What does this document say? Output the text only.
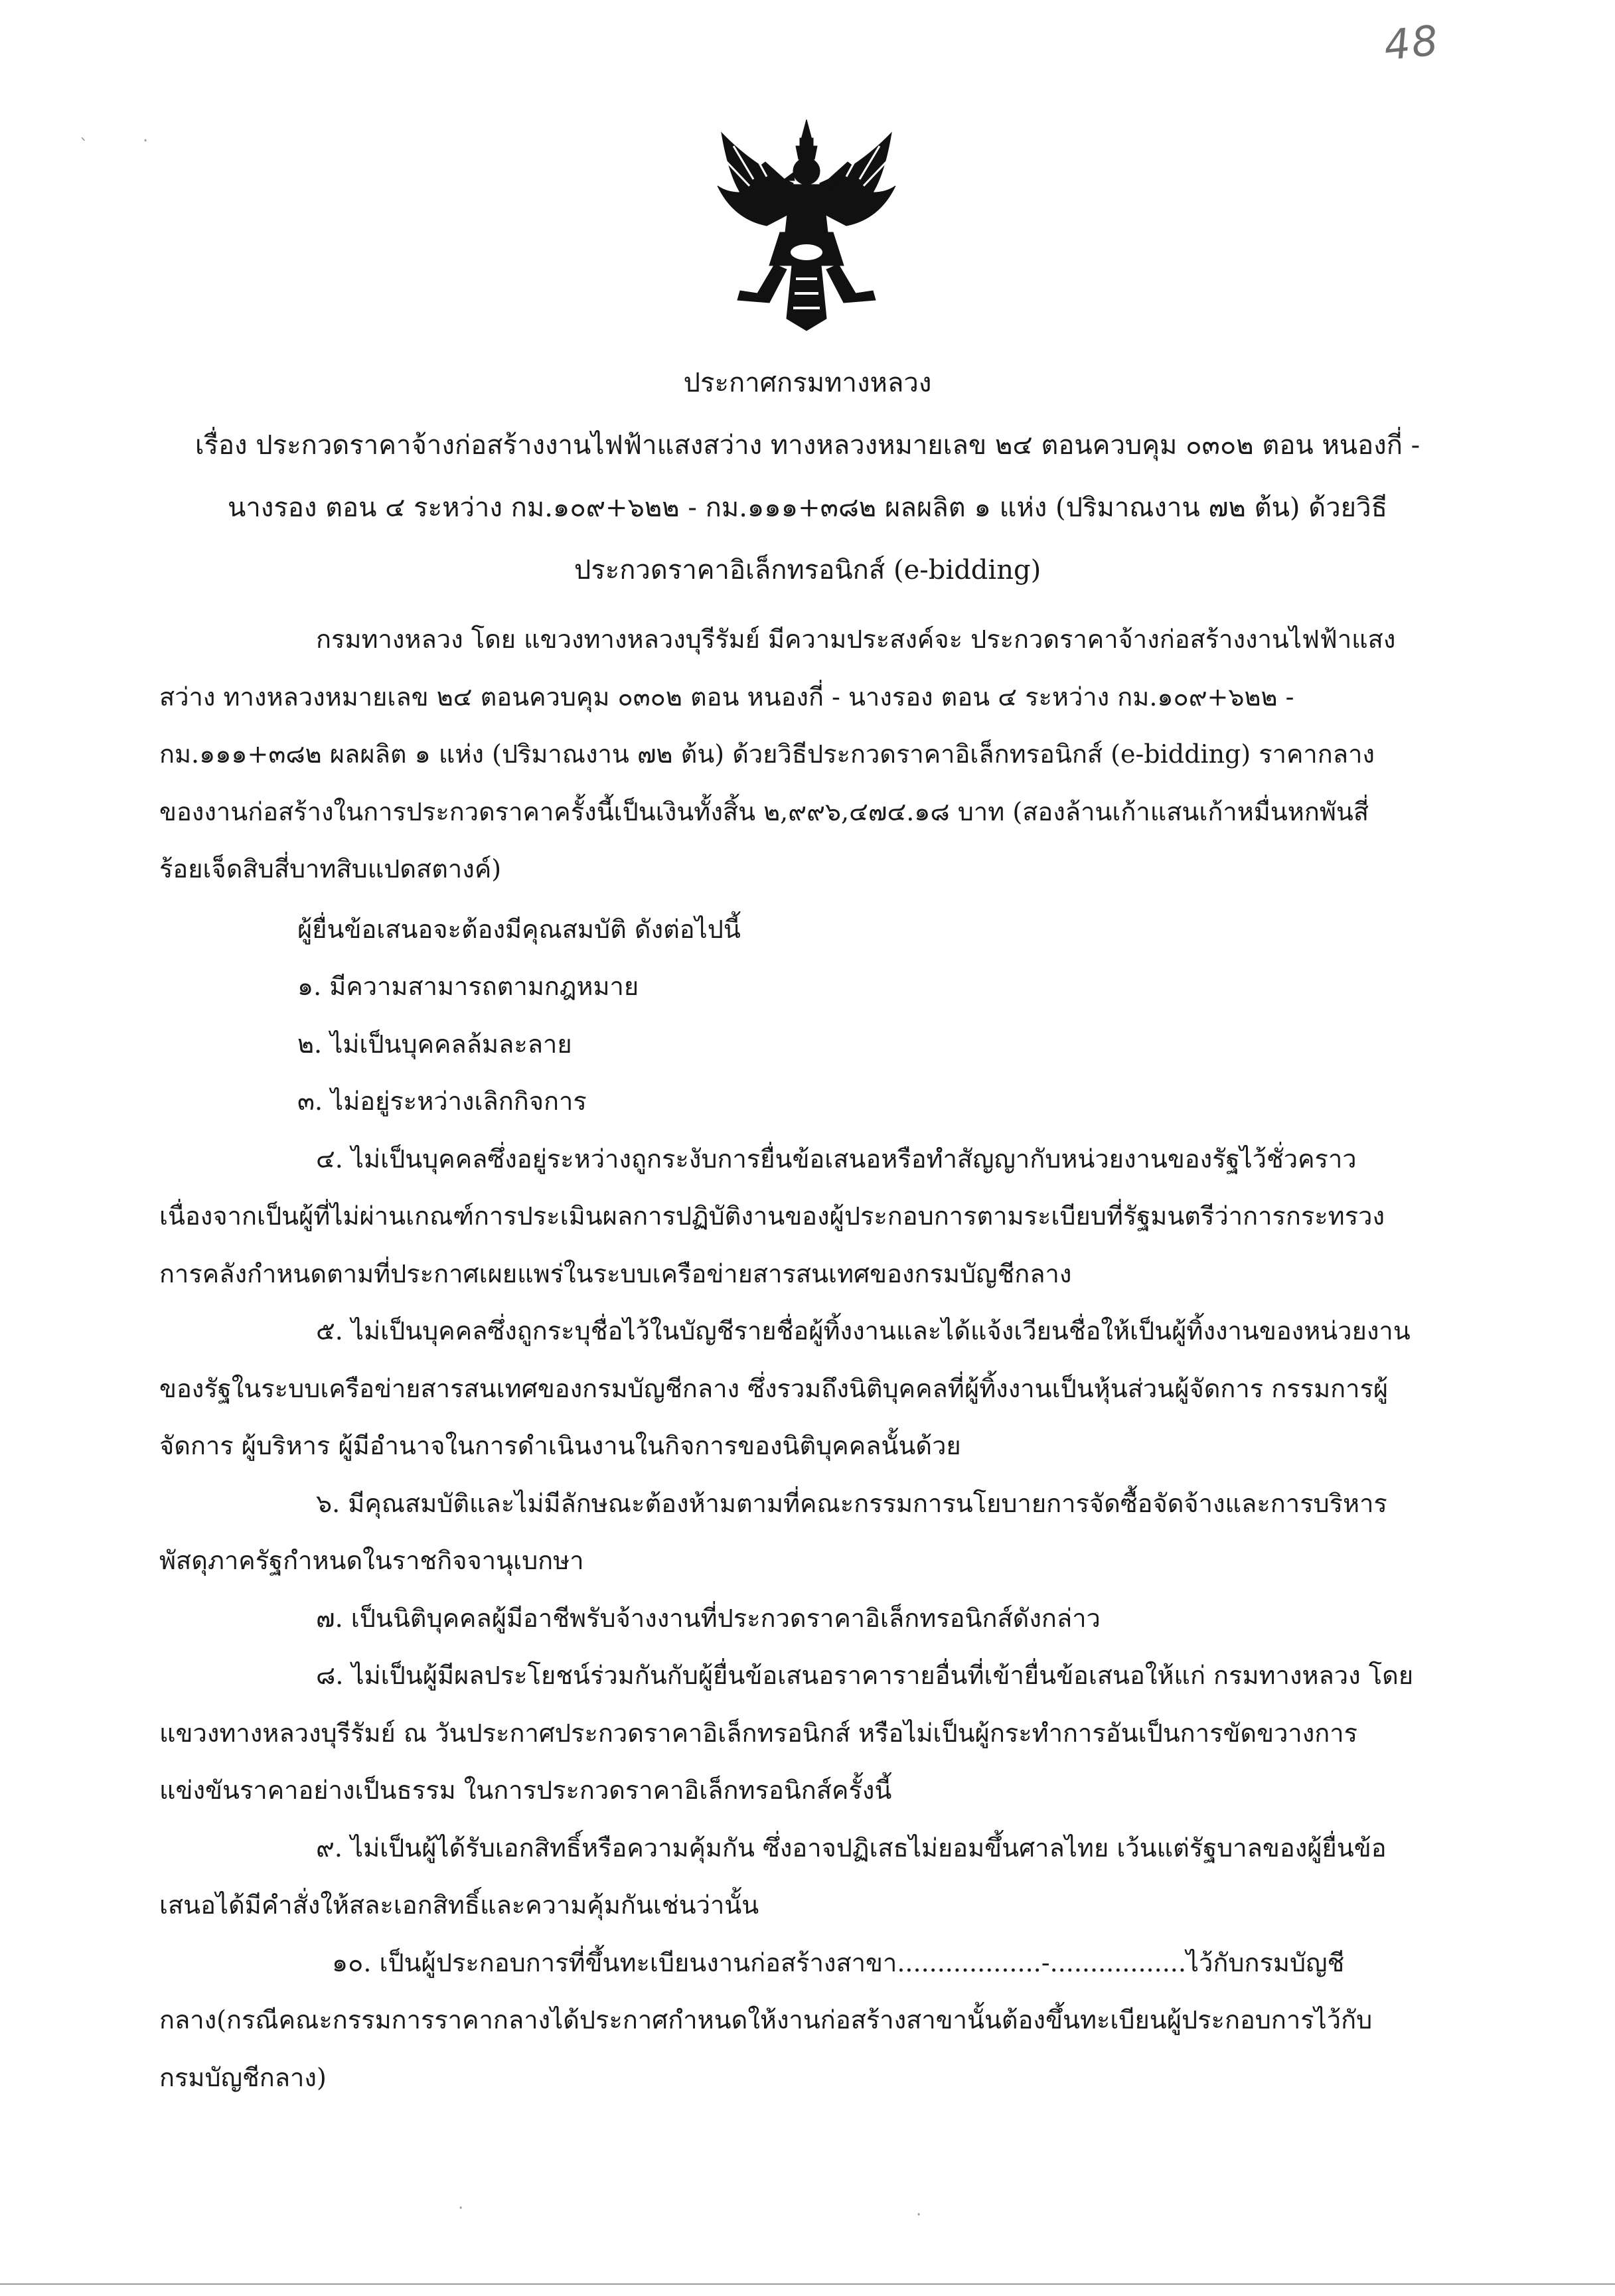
48
`	.
ประกาศกรมทางหลวง
เรื่อง ประกวดราคาจ้างก่อสร้างงานไฟฟ้าแสงสว่าง ทางหลวงหมายเลข ๒๔ ตอนควบคุม ๐๓๐๒ ตอน หนองกี่ -
นางรอง ตอน ๔ ระหว่าง กม.๑๐๙+๖๒๒ - กม.๑๑๑+๓๘๒ ผลผลิต ๑ แห่ง (ปริมาณงาน ๗๒ ต้น) ด้วยวิธี
ประกวดราคาอิเล็กทรอนิกส์ (e-bidding)
กรมทางหลวง โดย แขวงทางหลวงบุรีรัมย์ มีความประสงค์จะ ประกวดราคาจ้างก่อสร้างงานไฟฟ้าแสง
สว่าง ทางหลวงหมายเลข ๒๔ ตอนควบคุม ๐๓๐๒ ตอน หนองกี่ - นางรอง ตอน ๔ ระหว่าง กม.๑๐๙+๖๒๒ -
กม.๑๑๑+๓๘๒ ผลผลิต ๑ แห่ง (ปริมาณงาน ๗๒ ต้น) ด้วยวิธีประกวดราคาอิเล็กทรอนิกส์ (e-bidding) ราคากลาง
ของงานก่อสร้างในการประกวดราคาครั้งนี้เป็นเงินทั้งสิ้น ๒,๙๙๖,๔๗๔.๑๘ บาท (สองล้านเก้าแสนเก้าหมื่นหกพันสี่
ร้อยเจ็ดสิบสี่บาทสิบแปดสตางค์)
ผู้ยื่นข้อเสนอจะต้องมีคุณสมบัติ ดังต่อไปนี้
๑. มีความสามารถตามกฎหมาย
๒. ไม่เป็นบุคคลล้มละลาย
๓. ไม่อยู่ระหว่างเลิกกิจการ
๔. ไม่เป็นบุคคลซึ่งอยู่ระหว่างถูกระงับการยื่นข้อเสนอหรือทำสัญญากับหน่วยงานของรัฐไว้ชั่วคราว
เนื่องจากเป็นผู้ที่ไม่ผ่านเกณฑ์การประเมินผลการปฏิบัติงานของผู้ประกอบการตามระเบียบที่รัฐมนตรีว่าการกระทรวง
การคลังกำหนดตามที่ประกาศเผยแพร่ในระบบเครือข่ายสารสนเทศของกรมบัญชีกลาง
๕. ไม่เป็นบุคคลซึ่งถูกระบุชื่อไว้ในบัญชีรายชื่อผู้ทิ้งงานและได้แจ้งเวียนชื่อให้เป็นผู้ทิ้งงานของหน่วยงาน
ของรัฐในระบบเครือข่ายสารสนเทศของกรมบัญชีกลาง ซึ่งรวมถึงนิติบุคคลที่ผู้ทิ้งงานเป็นหุ้นส่วนผู้จัดการ กรรมการผู้
จัดการ ผู้บริหาร ผู้มีอำนาจในการดำเนินงานในกิจการของนิติบุคคลนั้นด้วย
๖. มีคุณสมบัติและไม่มีลักษณะต้องห้ามตามที่คณะกรรมการนโยบายการจัดซื้อจัดจ้างและการบริหาร
พัสดุภาครัฐกำหนดในราชกิจจานุเบกษา
๗. เป็นนิติบุคคลผู้มีอาชีพรับจ้างงานที่ประกวดราคาอิเล็กทรอนิกส์ดังกล่าว
๘. ไม่เป็นผู้มีผลประโยชน์ร่วมกันกับผู้ยื่นข้อเสนอราคารายอื่นที่เข้ายื่นข้อเสนอให้แก่ กรมทางหลวง โดย
แขวงทางหลวงบุรีรัมย์ ณ วันประกาศประกวดราคาอิเล็กทรอนิกส์ หรือไม่เป็นผู้กระทำการอันเป็นการขัดขวางการ
แข่งขันราคาอย่างเป็นธรรม ในการประกวดราคาอิเล็กทรอนิกส์ครั้งนี้
๙. ไม่เป็นผู้ได้รับเอกสิทธิ์หรือความคุ้มกัน ซึ่งอาจปฏิเสธไม่ยอมขึ้นศาลไทย เว้นแต่รัฐบาลของผู้ยื่นข้อ
เสนอได้มีคำสั่งให้สละเอกสิทธิ์และความคุ้มกันเช่นว่านั้น
๑๐. เป็นผู้ประกอบการที่ขึ้นทะเบียนงานก่อสร้างสาขา..................-.................ไว้กับกรมบัญชี
กลาง(กรณีคณะกรรมการราคากลางได้ประกาศกำหนดให้งานก่อสร้างสาขานั้นต้องขึ้นทะเบียนผู้ประกอบการไว้กับ
กรมบัญชีกลาง)
·	·
